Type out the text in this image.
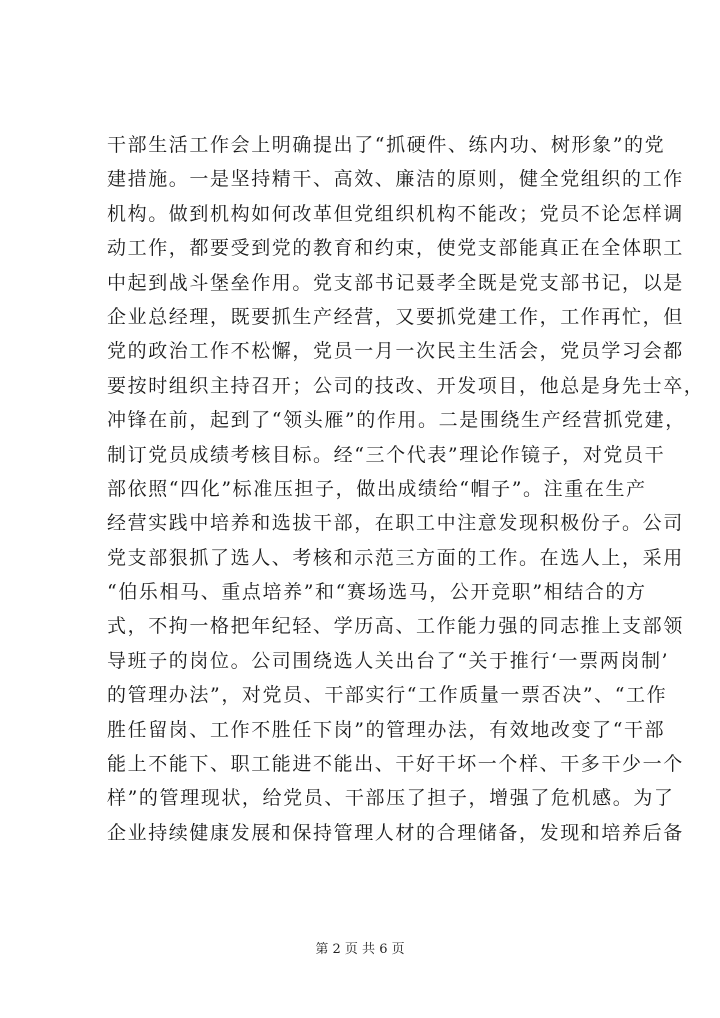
干部生活工作会上明确提出了“抓硬件、练内功、树形象”的党
建措施。一是坚持精干、高效、廉洁的原则，健全党组织的工作
机构。做到机构如何改革但党组织机构不能改；党员不论怎样调
动工作，都要受到党的教育和约束，使党支部能真正在全体职工
中起到战斗堡垒作用。党支部书记聂孝全既是党支部书记，以是
企业总经理，既要抓生产经营，又要抓党建工作，工作再忙，但
党的政治工作不松懈，党员一月一次民主生活会，党员学习会都
要按时组织主持召开；公司的技改、开发项目，他总是身先士卒，
冲锋在前，起到了“领头雁”的作用。二是围绕生产经营抓党建，
制订党员成绩考核目标。经“三个代表”理论作镜子，对党员干
部依照“四化”标准压担子，做出成绩给“帽子”。注重在生产
经营实践中培养和选拔干部，在职工中注意发现积极份子。公司
党支部狠抓了选人、考核和示范三方面的工作。在选人上，采用
“伯乐相马、重点培养”和“赛场选马，公开竞职”相结合的方
式，不拘一格把年纪轻、学历高、工作能力强的同志推上支部领
导班子的岗位。公司围绕选人关出台了“关于推行‘一票两岗制’
的管理办法”，对党员、干部实行“工作质量一票否决”、“工作
胜任留岗、工作不胜任下岗”的管理办法，有效地改变了“干部
能上不能下、职工能进不能出、干好干坏一个样、干多干少一个
样”的管理现状，给党员、干部压了担子，增强了危机感。为了
企业持续健康发展和保持管理人材的合理储备，发现和培养后备
第 2 页 共 6 页
